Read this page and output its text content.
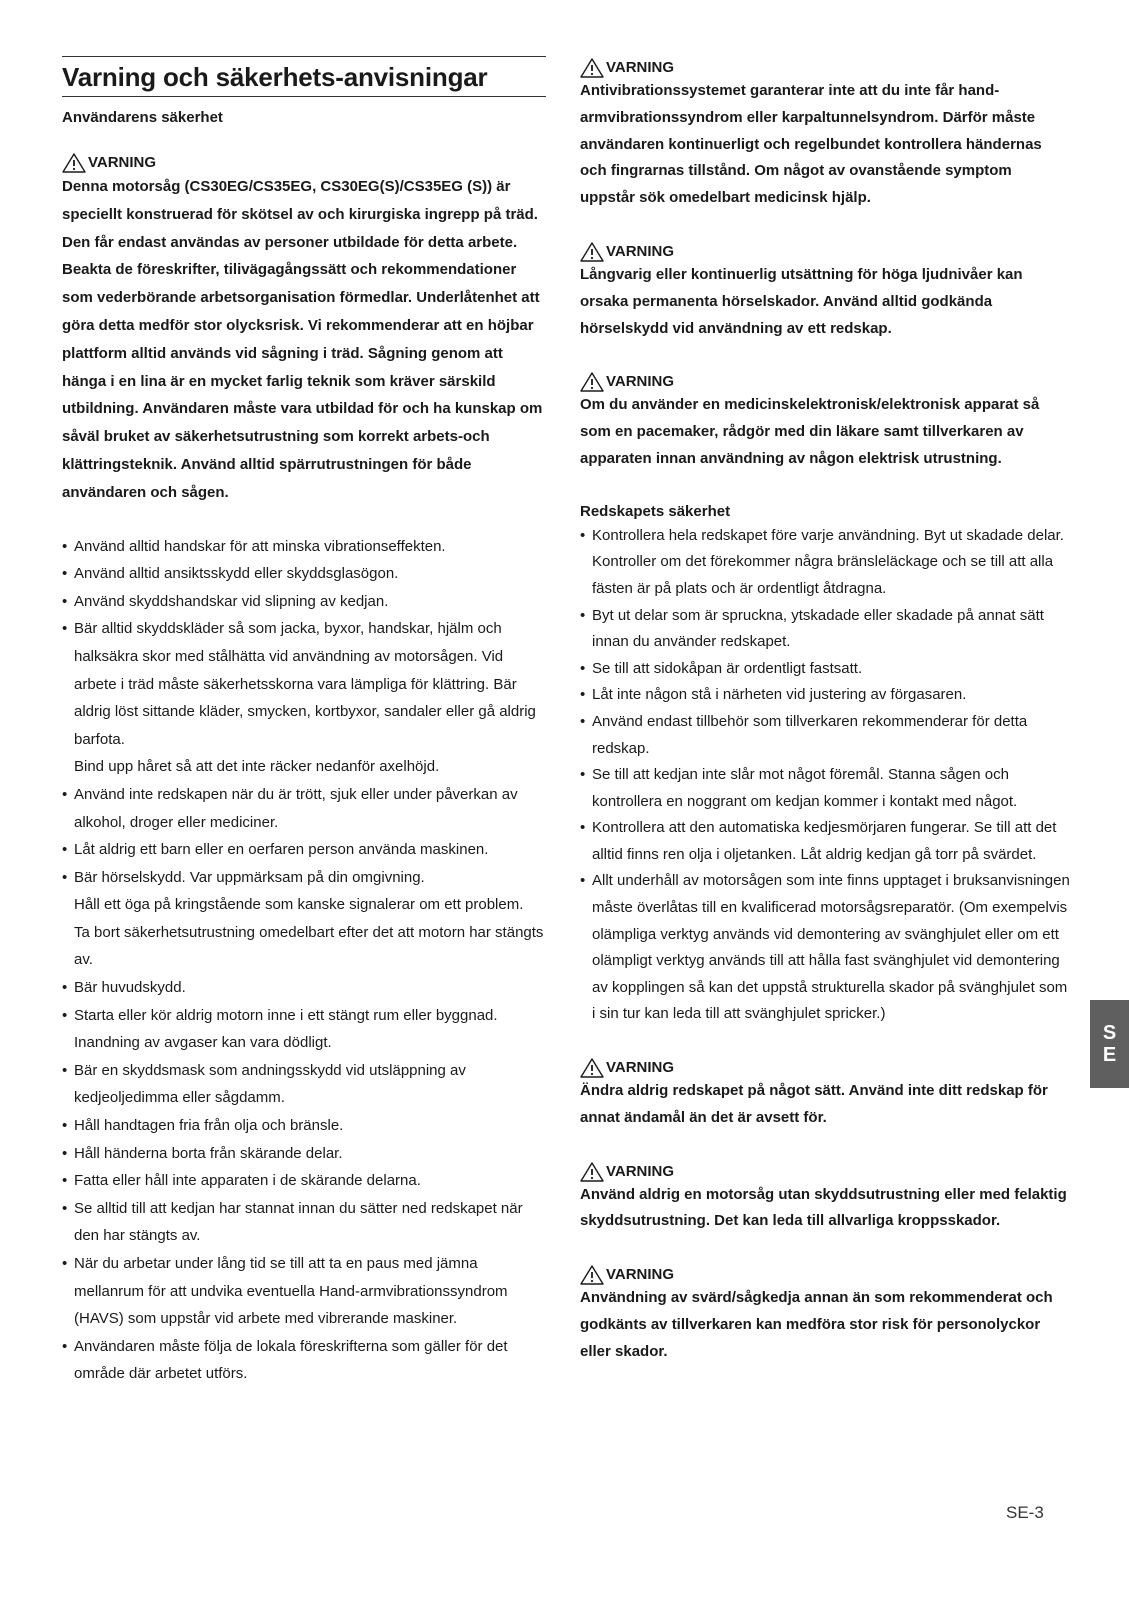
Varning och säkerhets-anvisningar
Användarens säkerhet
VARNING

Denna motorsåg (CS30EG/CS35EG, CS30EG(S)/CS35EG (S)) är speciellt konstruerad för skötsel av och kirurgiska ingrepp på träd. Den får endast användas av personer utbildade för detta arbete. Beakta de föreskrifter, tilivägagångssätt och rekommendationer som vederbörande arbetsorganisation förmedlar. Underlåtenhet att göra detta medför stor olycksrisk. Vi rekommenderar att en höjbar plattform alltid används vid sågning i träd. Sågning genom att hänga i en lina är en mycket farlig teknik som kräver särskild utbildning. Användaren måste vara utbildad för och ha kunskap om såväl bruket av säkerhetsutrustning som korrekt arbets-och klättringsteknik. Använd alltid spärrutrustningen för både användaren och sågen.

• Använd alltid handskar för att minska vibrationseffekten.
• Använd alltid ansiktsskydd eller skyddsglasögon.
• Använd skyddshandskar vid slipning av kedjan.
• Bär alltid skyddskläder så som jacka, byxor, handskar, hjälm och halksäkra skor med stålhätta vid användning av motorsågen. Vid arbete i träd måste säkerhetsskorna vara lämpliga för klättring. Bär aldrig löst sittande kläder, smycken, kortbyxor, sandaler eller gå aldrig barfota.
Bind upp håret så att det inte räcker nedanför axelhöjd.
• Använd inte redskapen när du är trött, sjuk eller under påverkan av alkohol, droger eller mediciner.
• Låt aldrig ett barn eller en oerfaren person använda maskinen.
• Bär hörselskydd. Var uppmärksam på din omgivning.
Håll ett öga på kringstående som kanske signalerar om ett problem.
Ta bort säkerhetsutrustning omedelbart efter det att motorn har stängts av.
• Bär huvudskydd.
• Starta eller kör aldrig motorn inne i ett stängt rum eller byggnad. Inandning av avgaser kan vara dödligt.
• Bär en skyddsmask som andningsskydd vid utsläppning av kedjeoljedimma eller sågdamm.
• Håll handtagen fria från olja och bränsle.
• Håll händerna borta från skärande delar.
• Fatta eller håll inte apparaten i de skärande delarna.
• Se alltid till att kedjan har stannat innan du sätter ned redskapet när den har stängts av.
• När du arbetar under lång tid se till att ta en paus med jämna mellanrum för att undvika eventuella Hand-armvibrationssyndrom (HAVS) som uppstår vid arbete med vibrerande maskiner.
• Användaren måste följa de lokala föreskrifterna som gäller för det område där arbetet utförs.
VARNING

Antivibrationssystemet garanterar inte att du inte får hand-armvibrationssyndrom eller karpaltunnelsyndrom. Därför måste användaren kontinuerligt och regelbundet kontrollera händernas och fingrarnas tillstånd. Om något av ovanstående symptom uppstår sök omedelbart medicinsk hjälp.

VARNING

Långvarig eller kontinuerlig utsättning för höga ljudnivåer kan orsaka permanenta hörselskador. Använd alltid godkända hörselskydd vid användning av ett redskap.

VARNING

Om du använder en medicinskelektronisk/elektronisk apparat så som en pacemaker, rådgör med din läkare samt tillverkaren av apparaten innan användning av någon elektrisk utrustning.

Redskapets säkerhet
• Kontrollera hela redskapet före varje användning. Byt ut skadade delar. Kontroller om det förekommer några bränsleläckage och se till att alla fästen är på plats och är ordentligt åtdragna.
• Byt ut delar som är spruckna, ytskadade eller skadade på annat sätt innan du använder redskapet.
• Se till att sidokåpan är ordentligt fastsatt.
• Låt inte någon stå i närheten vid justering av förgasaren.
• Använd endast tillbehör som tillverkaren rekommenderar för detta redskap.
• Se till att kedjan inte slår mot något föremål. Stanna sågen och kontrollera en noggrant om kedjan kommer i kontakt med något.
• Kontrollera att den automatiska kedjesmörjaren fungerar. Se till att det alltid finns ren olja i oljetanken. Låt aldrig kedjan gå torr på svärdet.
• Allt underhåll av motorsågen som inte finns upptaget i bruksanvisningen måste överlåtas till en kvalificerad motorsågsreparatör. (Om exempelvis olämpliga verktyg används vid demontering av svänghjulet eller om ett olämpligt verktyg används till att hålla fast svänghjulet vid demontering av kopplingen så kan det uppstå strukturella skador på svänghjulet som i sin tur kan leda till att svänghjulet spricker.)
VARNING

Ändra aldrig redskapet på något sätt. Använd inte ditt redskap för annat ändamål än det är avsett för.

VARNING

Använd aldrig en motorsåg utan skyddsutrustning eller med felaktig skyddsutrustning. Det kan leda till allvarliga kroppsskador.

VARNING

Användning av svärd/sågkedja annan än som rekommenderat och godkänts av tillverkaren kan medföra stor risk för personolyckor eller skador.

S
E
SE-3
